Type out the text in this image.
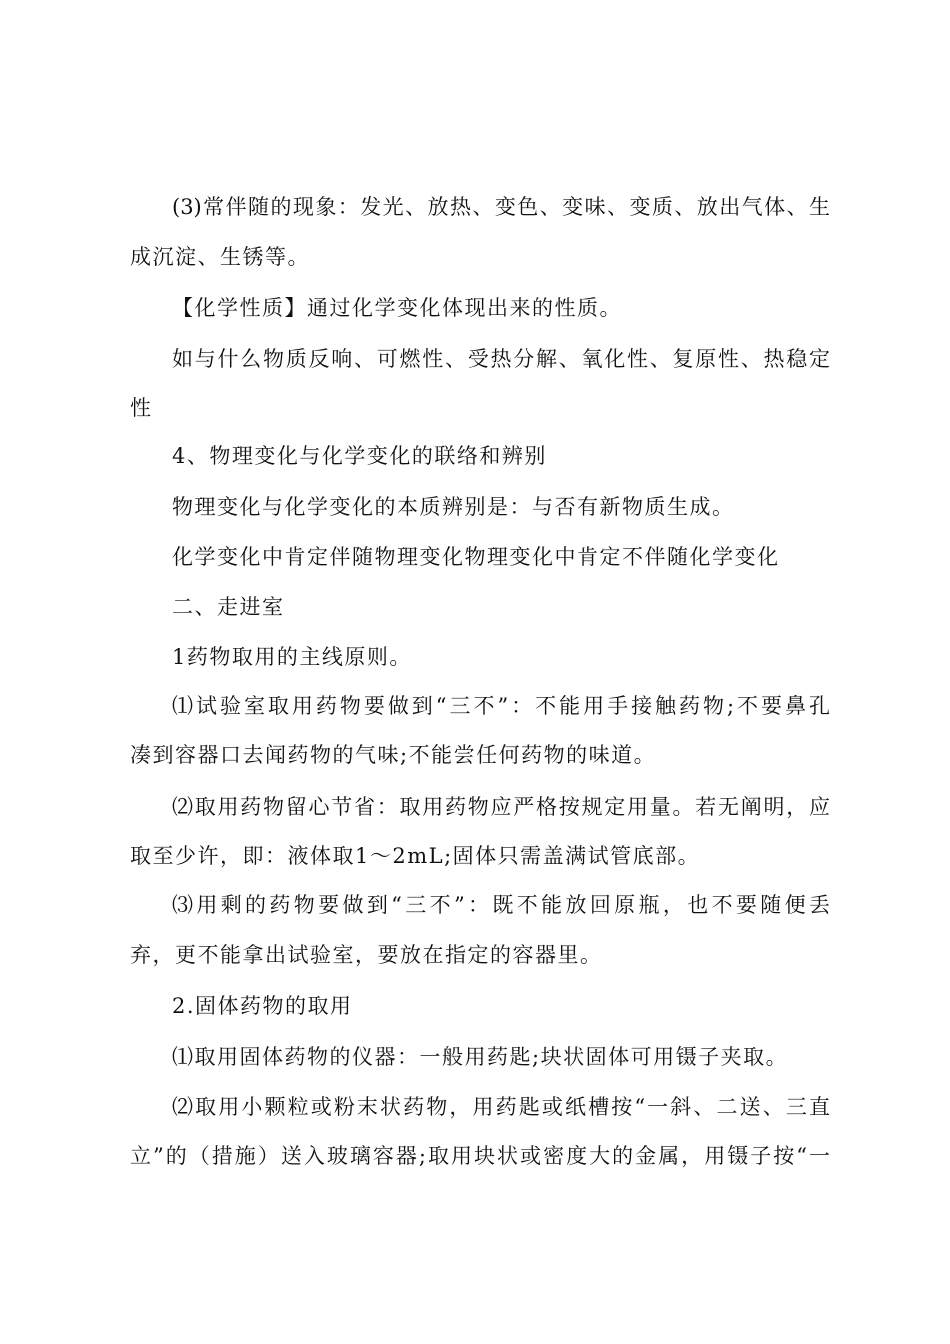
(3)常伴随的现象：发光、放热、变色、变味、变质、放出气体、生
成沉淀、生锈等。
【化学性质】通过化学变化体现出来的性质。
如与什么物质反响、可燃性、受热分解、氧化性、复原性、热稳定
性
4、物理变化与化学变化的联络和辨别
物理变化与化学变化的本质辨别是：与否有新物质生成。
化学变化中肯定伴随物理变化物理变化中肯定不伴随化学变化
二、走进室
1药物取用的主线原则。
⑴试验室取用药物要做到“三不”：不能用手接触药物;不要鼻孔
凑到容器口去闻药物的气味;不能尝任何药物的味道。
⑵取用药物留心节省：取用药物应严格按规定用量。若无阐明，应
取至少许，即：液体取1～2mL;固体只需盖满试管底部。
⑶用剩的药物要做到“三不”：既不能放回原瓶，也不要随便丢
弃，更不能拿出试验室，要放在指定的容器里。
2.固体药物的取用
⑴取用固体药物的仪器：一般用药匙;块状固体可用镊子夹取。
⑵取用小颗粒或粉末状药物，用药匙或纸槽按“一斜、二送、三直
立”的（措施）送入玻璃容器;取用块状或密度大的金属，用镊子按“一
